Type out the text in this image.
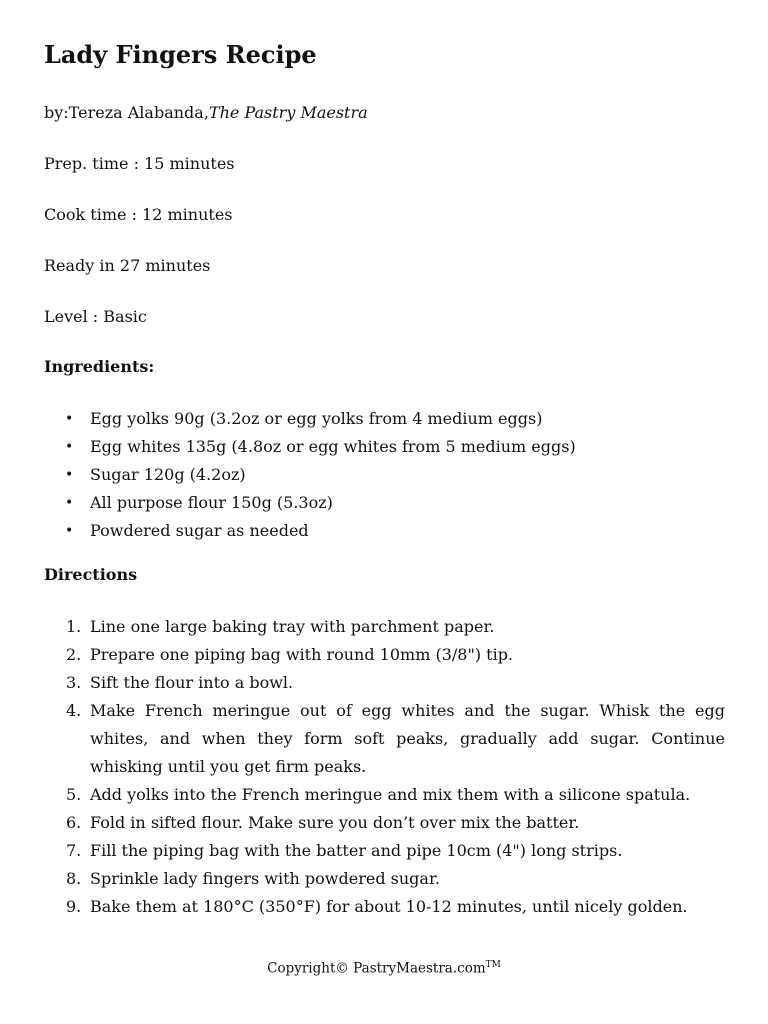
Lady Fingers Recipe

by:Tereza Alabanda,The Pastry Maestra

Prep. time : 15 minutes

Cook time : 12 minutes

Ready in 27 minutes

Level : Basic

Ingredients:

• Egg yolks 90g (3.2oz or egg yolks from 4 medium eggs)
• Egg whites 135g (4.8oz or egg whites from 5 medium eggs)
• Sugar 120g (4.2oz)
• All purpose flour 150g (5.3oz)
• Powdered sugar as needed

Directions

1. Line one large baking tray with parchment paper.
2. Prepare one piping bag with round 10mm (3/8") tip.
3. Sift the flour into a bowl.
4. Make French meringue out of egg whites and the sugar. Whisk the egg whites, and when they form soft peaks, gradually add sugar. Continue whisking until you get firm peaks.
5. Add yolks into the French meringue and mix them with a silicone spatula.
6. Fold in sifted flour. Make sure you don’t over mix the batter.
7. Fill the piping bag with the batter and pipe 10cm (4") long strips.
8. Sprinkle lady fingers with powdered sugar.
9. Bake them at 180°C (350°F) for about 10-12 minutes, until nicely golden.

Copyright© PastryMaestra.com™
